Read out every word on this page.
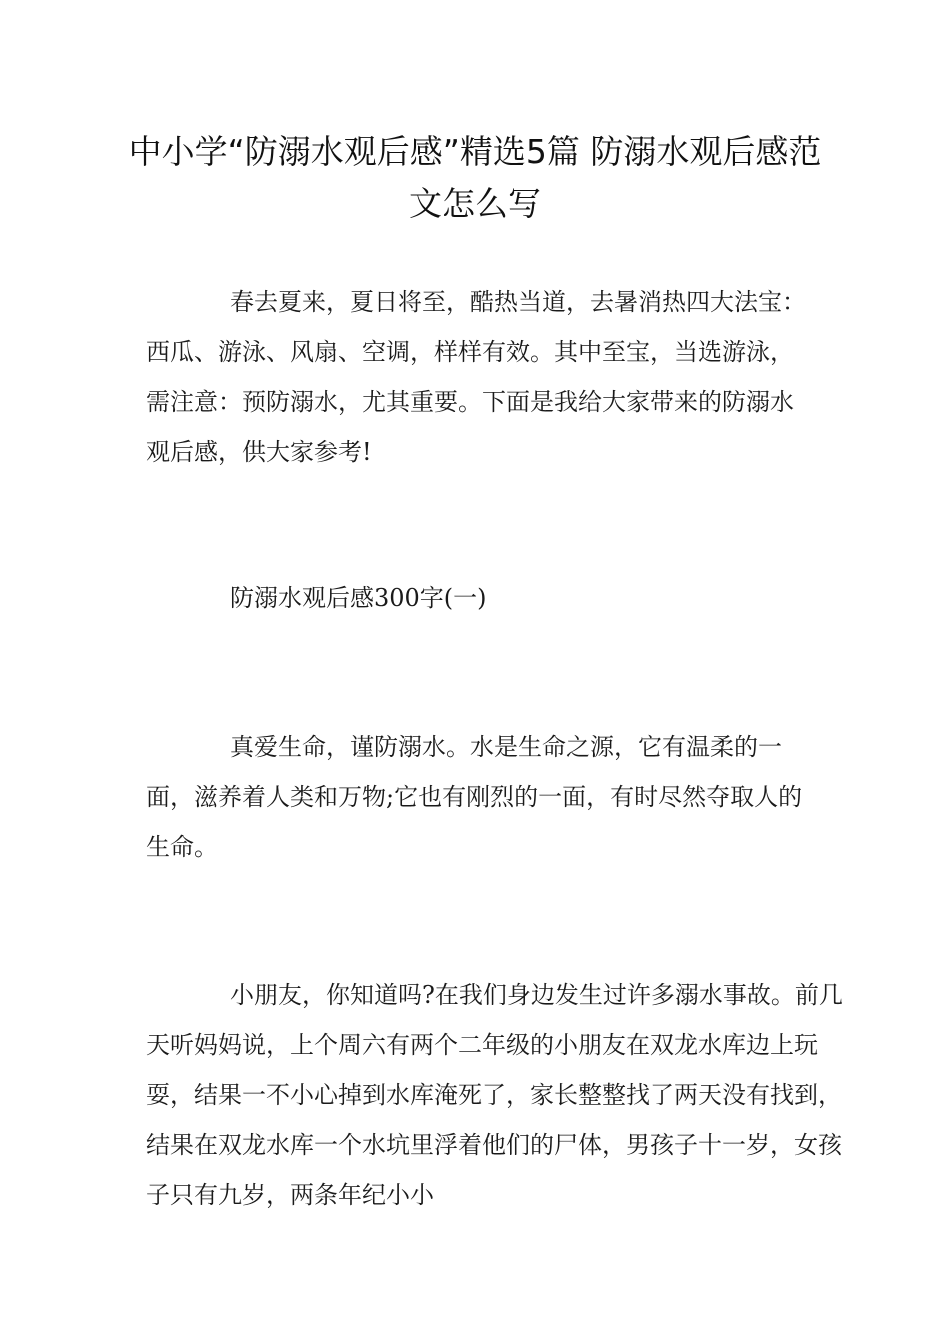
中小学“防溺水观后感”精选5篇 防溺水观后感范文怎么写

春去夏来，夏日将至，酷热当道，去暑消热四大法宝：西瓜、游泳、风扇、空调，样样有效。其中至宝，当选游泳，需注意：预防溺水，尤其重要。下面是我给大家带来的防溺水观后感，供大家参考!

防溺水观后感300字(一)

真爱生命，谨防溺水。水是生命之源，它有温柔的一面，滋养着人类和万物;它也有刚烈的一面，有时尽然夺取人的生命。

小朋友，你知道吗?在我们身边发生过许多溺水事故。前几天听妈妈说，上个周六有两个二年级的小朋友在双龙水库边上玩耍，结果一不小心掉到水库淹死了，家长整整找了两天没有找到，结果在双龙水库一个水坑里浮着他们的尸体，男孩子十一岁，女孩子只有九岁，两条年纪小小
